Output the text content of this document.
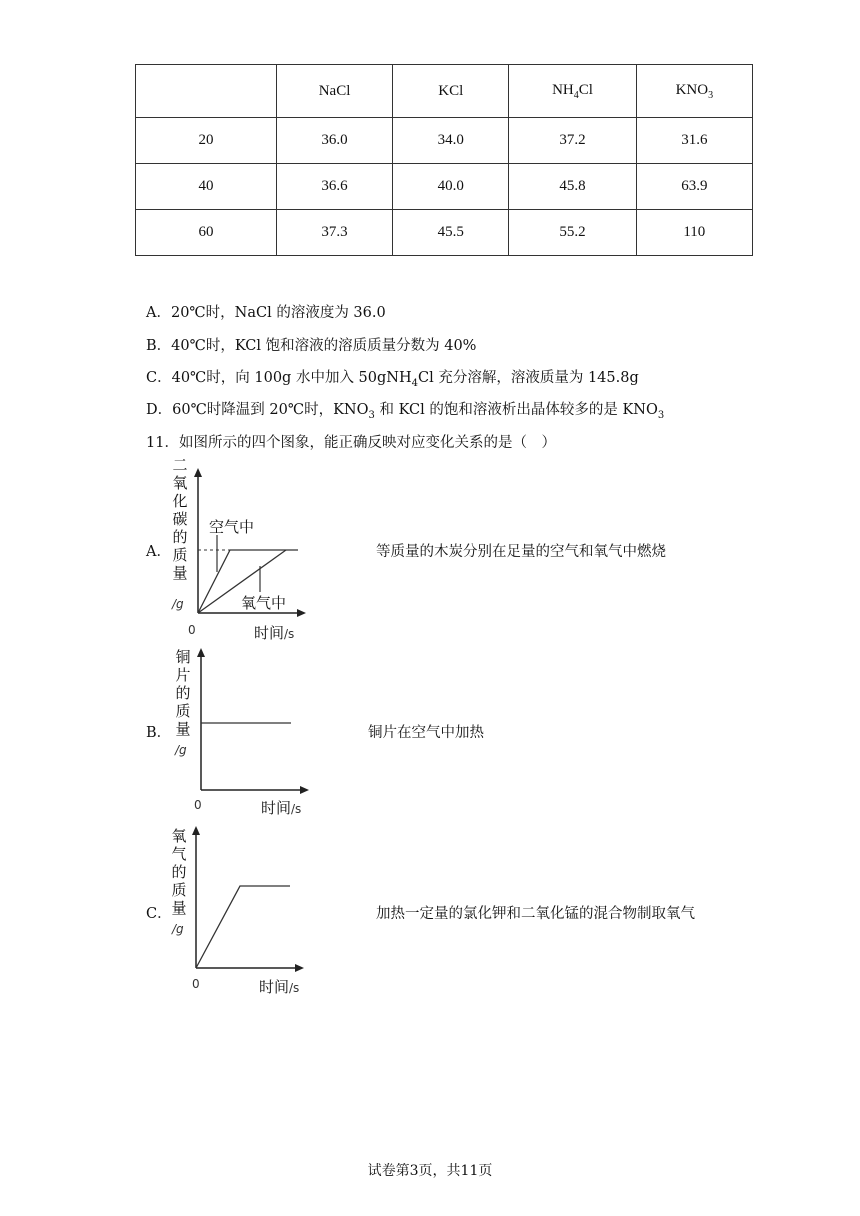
	NaCl	KCl	$NH_4Cl$	$KNO_3$
20	36.0	34.0	37.2	31.6
40	36.6	40.0	45.8	63.9
60	37.3	45.5	55.2	110
A．20℃时，NaCl 的溶液度为 36.0
B．40℃时，KCl 饱和溶液的溶质质量分数为 40%
C．40℃时，向 100g 水中加入 50gNH$_4$Cl 充分溶解，溶液质量为 145.8g
D．60℃时降温到 20℃时，$KNO_3$ 和 KCl 的饱和溶液析出晶体较多的是 $KNO_3$
11．如图所示的四个图象，能正确反映对应变化关系的是（　）
A．
二
氧
化
碳
的
质
量
/g
空气中
氧气中
0	时间/s
等质量的木炭分别在足量的空气和氧气中燃烧
B．
铜
片
的
质
量
/g
0	时间/s
铜片在空气中加热
C．
氧
气
的
质
量
/g
0	时间/s
加热一定量的氯化钾和二氧化锰的混合物制取氧气
试卷第3页，共11页
